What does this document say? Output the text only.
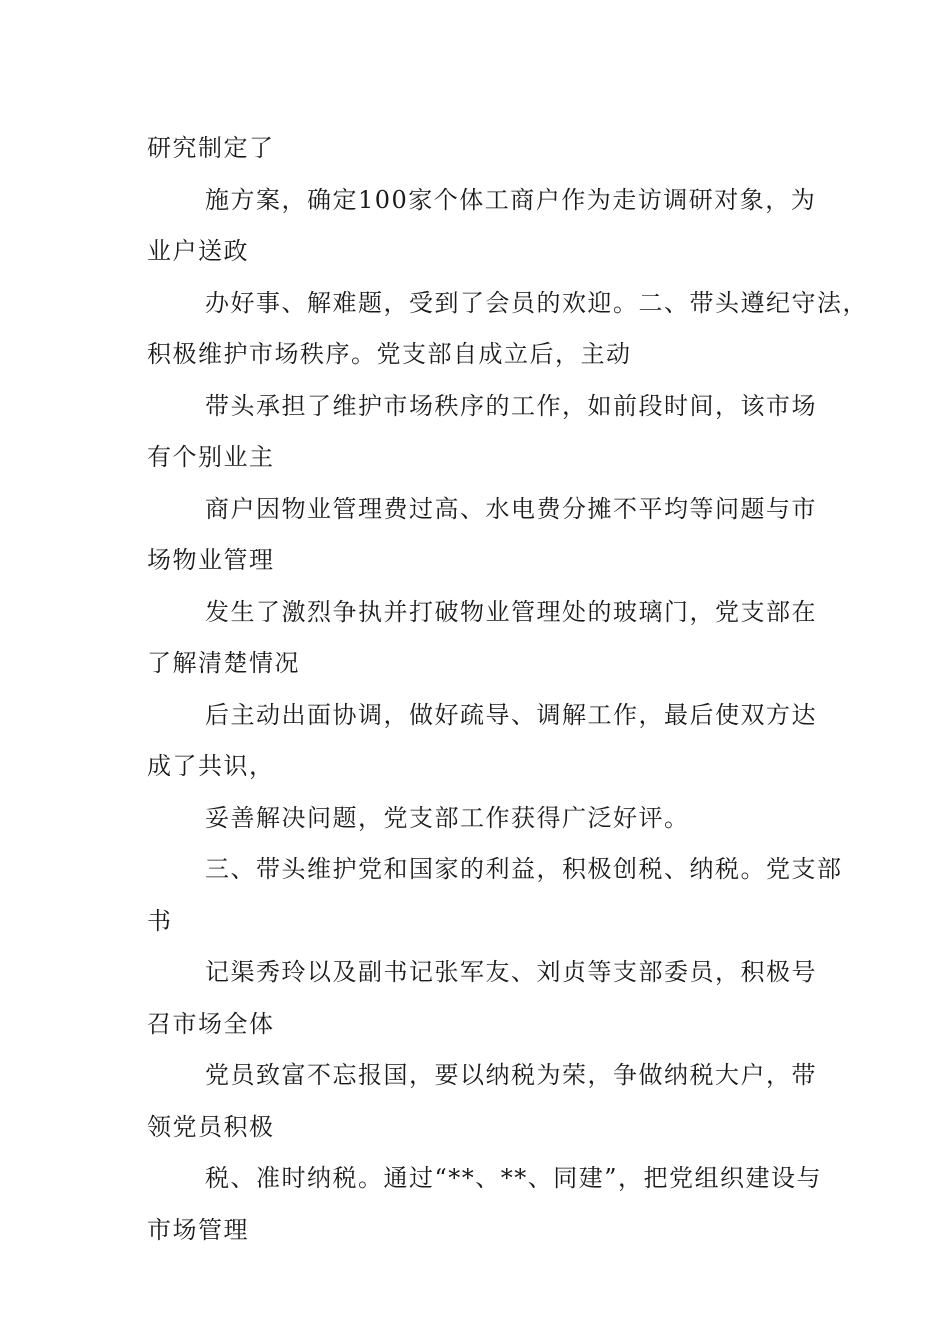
研究制定了
施方案，确定100家个体工商户作为走访调研对象，为
业户送政
办好事、解难题，受到了会员的欢迎。二、带头遵纪守法，
积极维护市场秩序。党支部自成立后，主动
带头承担了维护市场秩序的工作，如前段时间，该市场
有个别业主
商户因物业管理费过高、水电费分摊不平均等问题与市
场物业管理
发生了激烈争执并打破物业管理处的玻璃门，党支部在
了解清楚情况
后主动出面协调，做好疏导、调解工作，最后使双方达
成了共识，
妥善解决问题，党支部工作获得广泛好评。
三、带头维护党和国家的利益，积极创税、纳税。党支部
书
记渠秀玲以及副书记张军友、刘贞等支部委员，积极号
召市场全体
党员致富不忘报国，要以纳税为荣，争做纳税大户，带
领党员积极
税、准时纳税。通过“**、**、同建”，把党组织建设与
市场管理
